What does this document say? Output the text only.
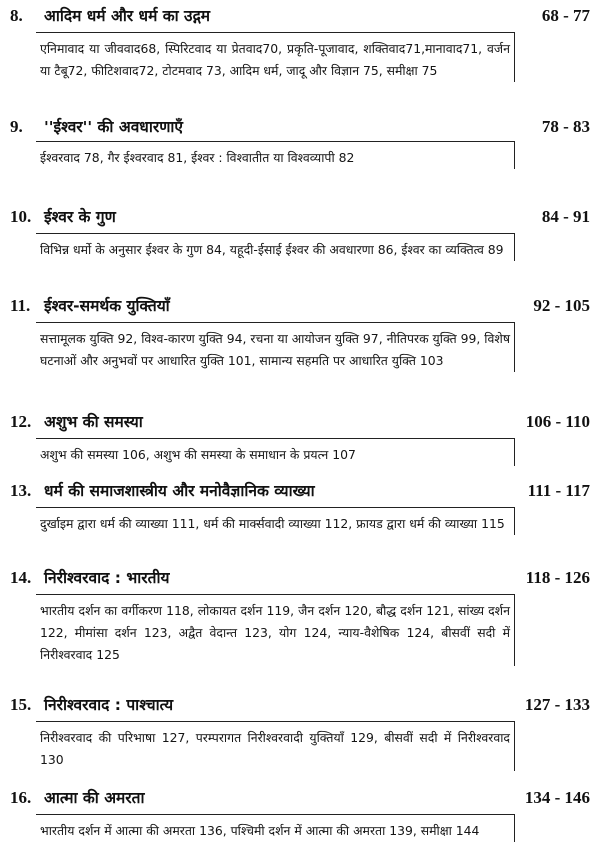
8. आदिम धर्म और धर्म का उद्गम	68 - 77

एनिमावाद या जीववाद68, स्पिरिटवाद या प्रेतवाद70, प्रकृति-पूजावाद, शक्तिवाद71,मानावाद71, वर्जन या टैबू72, फीटिशवाद72, टोटमवाद 73, आदिम धर्म, जादू और विज्ञान 75, समीक्षा 75

9. ''ईश्वर'' की अवधारणाएँ	78 - 83

ईश्वरवाद 78, गैर ईश्वरवाद 81, ईश्वर : विश्वातीत या विश्वव्यापी 82

10. ईश्वर के गुण	84 - 91

विभिन्न धर्मो के अनुसार ईश्वर के गुण 84, यहूदी-ईसाई ईश्वर की अवधारणा 86, ईश्वर का व्यक्तित्व 89

11. ईश्वर-समर्थक युक्तियाँ	92 - 105

सत्तामूलक युक्ति 92, विश्व-कारण युक्ति 94, रचना या आयोजन युक्ति 97, नीतिपरक युक्ति 99, विशेष घटनाओं और अनुभवों पर आधारित युक्ति 101, सामान्य सहमति पर आधारित युक्ति 103

12. अशुभ की समस्या	106 - 110

अशुभ की समस्या 106, अशुभ की समस्या के समाधान के प्रयत्न 107

13. धर्म की समाजशास्त्रीय और मनोवैज्ञानिक व्याख्या	111 - 117

दुर्खाइम द्वारा धर्म की व्याख्या 111, धर्म की मार्क्सवादी व्याख्या 112, फ्रायड द्वारा धर्म की व्याख्या 115

14. निरीश्वरवाद : भारतीय	118 - 126

भारतीय दर्शन का वर्गीकरण 118, लोकायत दर्शन 119, जैन दर्शन 120, बौद्ध दर्शन 121, सांख्य दर्शन 122, मीमांसा दर्शन 123, अद्वैत वेदान्त 123, योग 124, न्याय-वैशेषिक 124, बीसवीं सदी में निरीश्वरवाद 125

15. निरीश्वरवाद : पाश्चात्य	127 - 133

निरीश्वरवाद की परिभाषा 127, परम्परागत निरीश्वरवादी युक्तियाँ 129, बीसवीं सदी में निरीश्वरवाद 130

16. आत्मा की अमरता	134 - 146

भारतीय दर्शन में आत्मा की अमरता 136, पश्चिमी दर्शन में आत्मा की अमरता 139, समीक्षा 144
